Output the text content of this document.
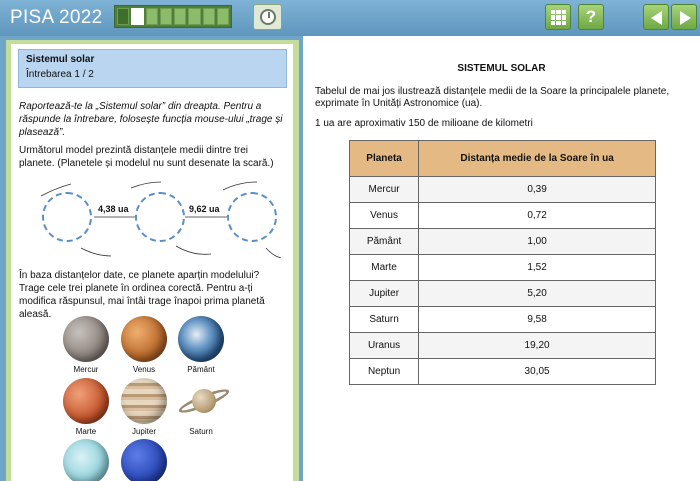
PISA 2022	?
Sistemul solar
Întrebarea 1 / 2
Raportează-te la „Sistemul solar” din dreapta. Pentru a răspunde la întrebare, folosește funcția mouse-ului „trage și plasează”.
Următorul model prezintă distanțele medii dintre trei planete. (Planetele și modelul nu sunt desenate la scară.)
4,38 ua	9,62 ua
În baza distanțelor date, ce planete aparțin modelului? Trage cele trei planete în ordinea corectă. Pentru a-ți modifica răspunsul, mai întâi trage înapoi prima planetă aleasă.
Mercur	Venus	Pământ
Marte	Jupiter	Saturn
SISTEMUL SOLAR
Tabelul de mai jos ilustrează distanțele medii de la Soare la principalele planete, exprimate în Unități Astronomice (ua).
1 ua are aproximativ 150 de milioane de kilometri
Planeta	Distanța medie de la Soare în ua
Mercur	0,39
Venus	0,72
Pământ	1,00
Marte	1,52
Jupiter	5,20
Saturn	9,58
Uranus	19,20
Neptun	30,05
